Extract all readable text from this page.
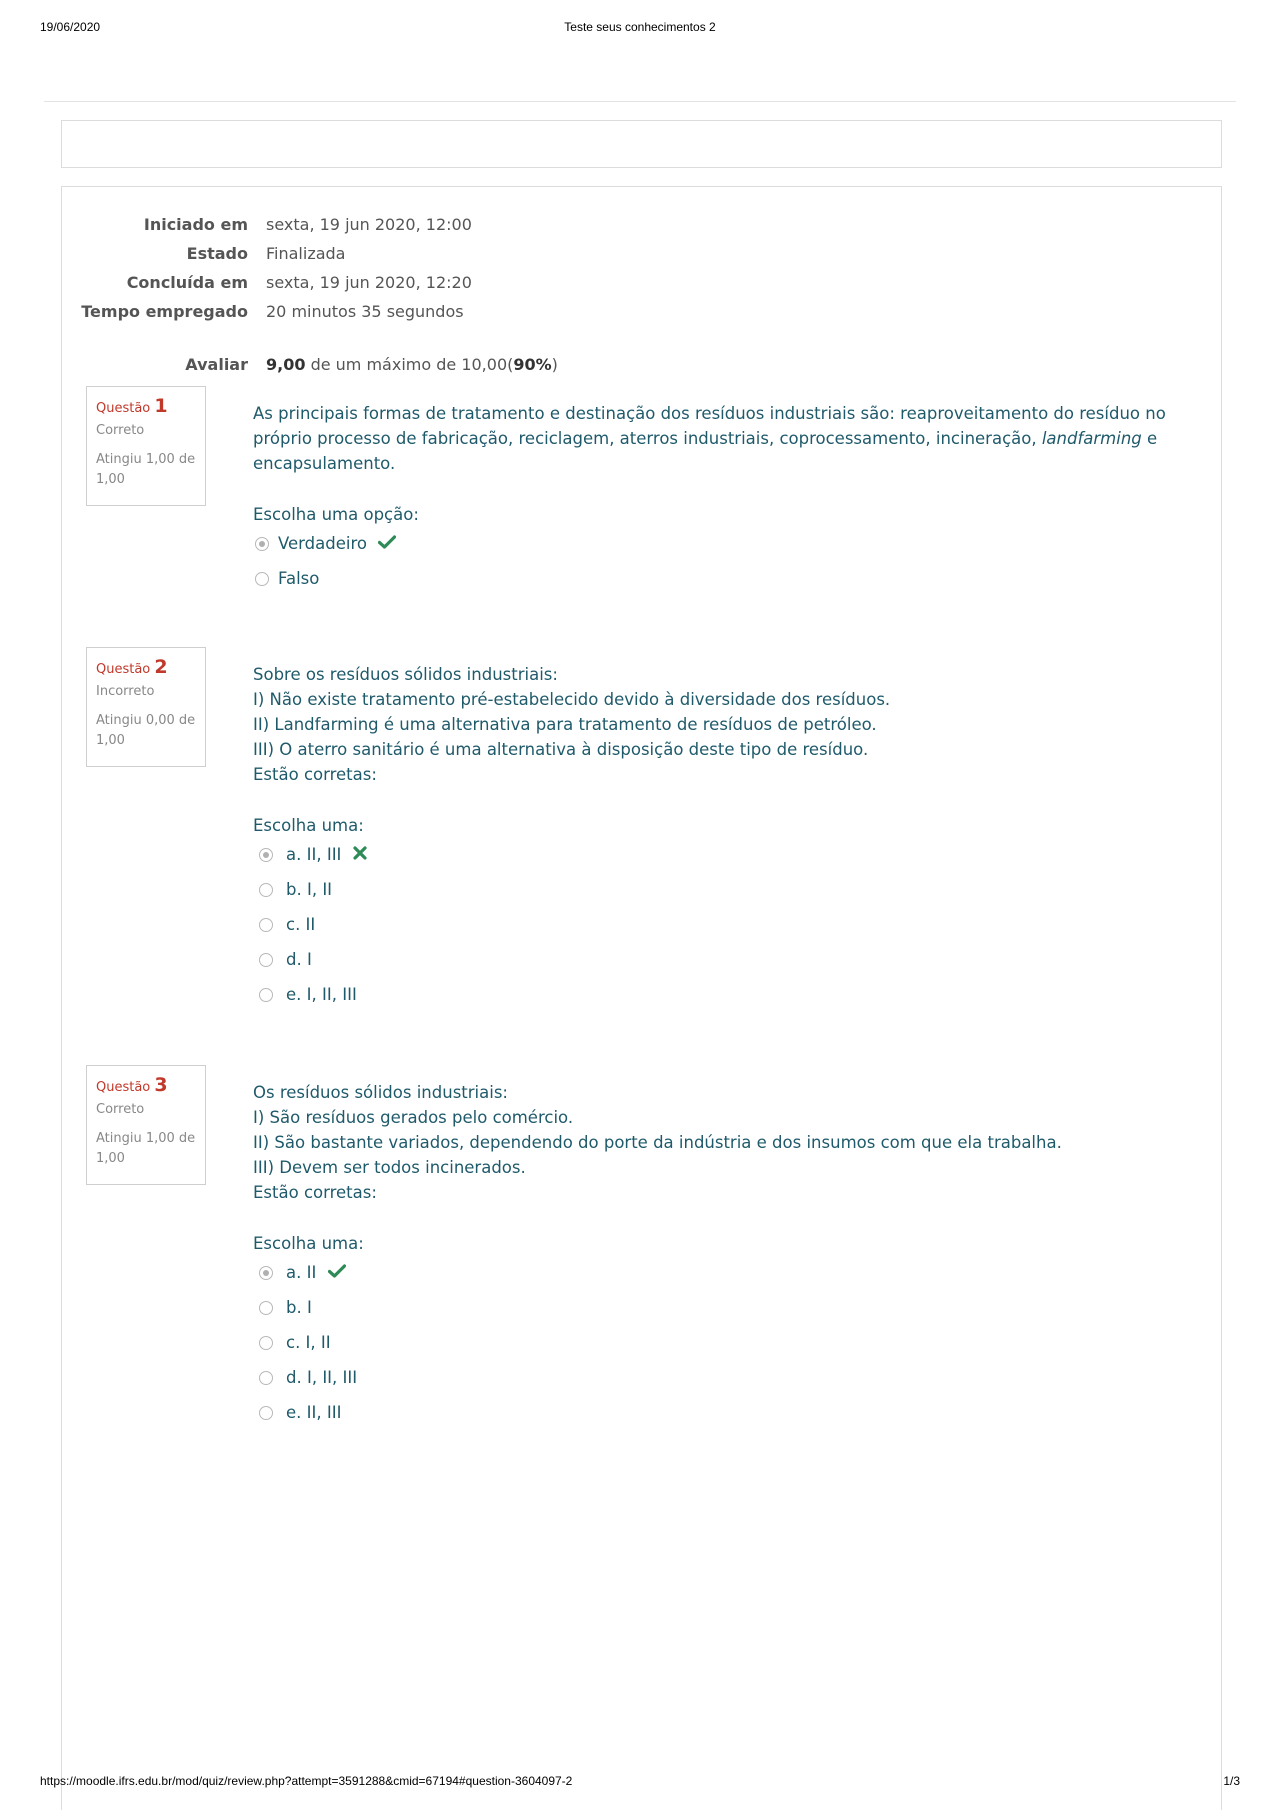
19/06/2020	Teste seus conhecimentos 2
Iniciado em sexta, 19 jun 2020, 12:00
Estado Finalizada
Concluída em sexta, 19 jun 2020, 12:20
Tempo empregado 20 minutos 35 segundos
Avaliar 9,00 de um máximo de 10,00(90%)
Questão 1
Correto
Atingiu 1,00 de 1,00
As principais formas de tratamento e destinação dos resíduos industriais são: reaproveitamento do resíduo no próprio processo de fabricação, reciclagem, aterros industriais, coprocessamento, incineração, landfarming e encapsulamento.
Escolha uma opção:
Verdadeiro
Falso
Questão 2
Incorreto
Atingiu 0,00 de 1,00
Sobre os resíduos sólidos industriais:
I) Não existe tratamento pré-estabelecido devido à diversidade dos resíduos.
II) Landfarming é uma alternativa para tratamento de resíduos de petróleo.
III) O aterro sanitário é uma alternativa à disposição deste tipo de resíduo.
Estão corretas:
Escolha uma:
a. II, III
b. I, II
c. II
d. I
e. I, II, III
Questão 3
Correto
Atingiu 1,00 de 1,00
Os resíduos sólidos industriais:
I) São resíduos gerados pelo comércio.
II) São bastante variados, dependendo do porte da indústria e dos insumos com que ela trabalha.
III) Devem ser todos incinerados.
Estão corretas:
Escolha uma:
a. II
b. I
c. I, II
d. I, II, III
e. II, III
https://moodle.ifrs.edu.br/mod/quiz/review.php?attempt=3591288&cmid=67194#question-3604097-2	1/3
